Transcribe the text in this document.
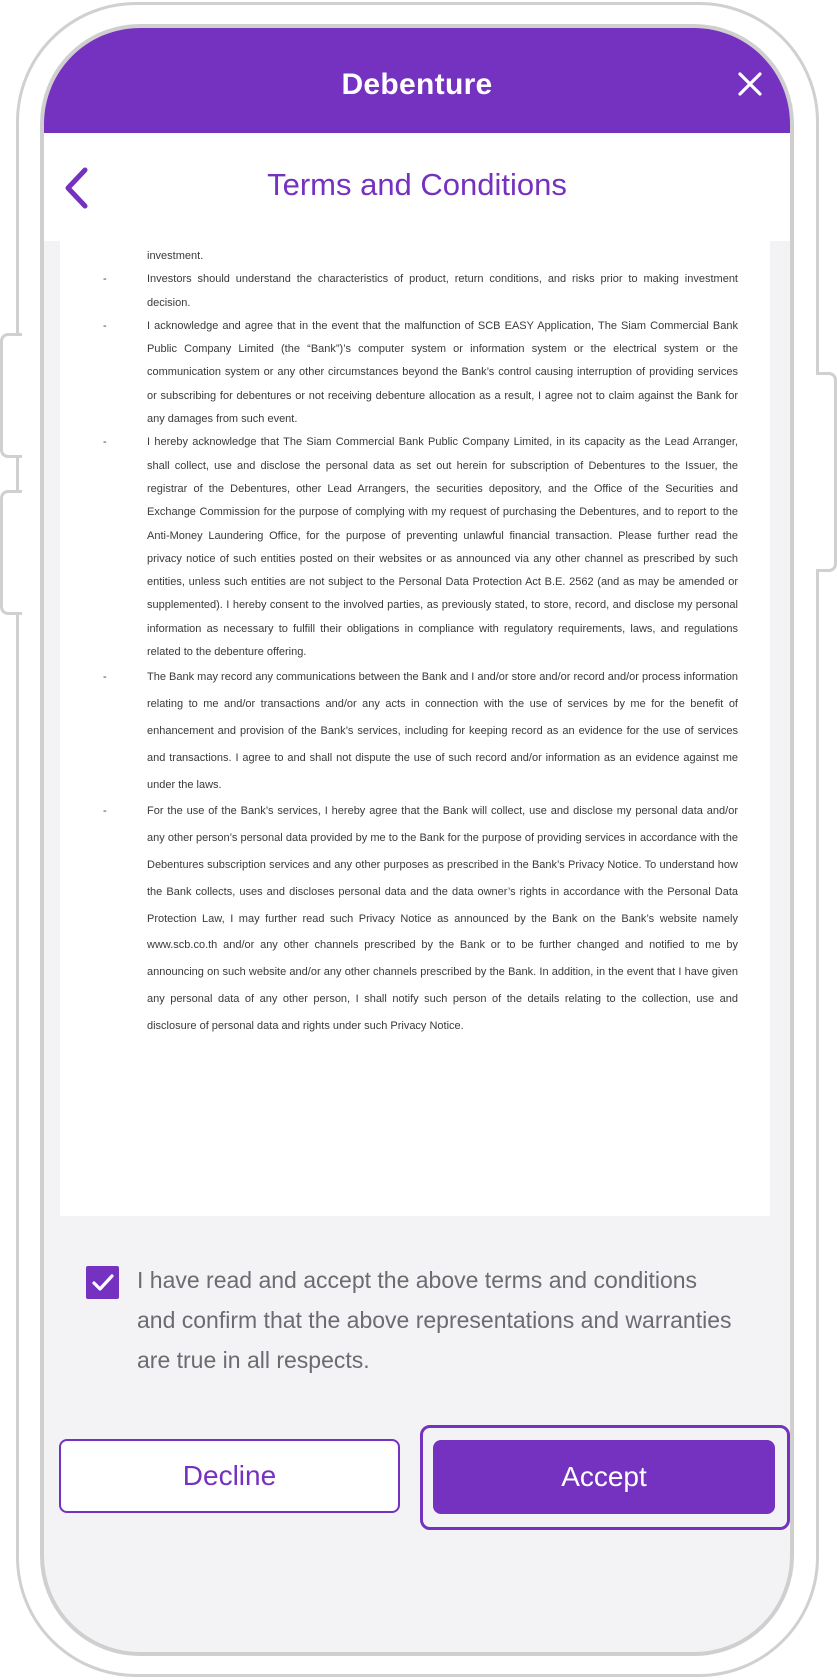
Debenture
Terms and Conditions

investment.

-	Investors should understand the characteristics of product, return conditions, and risks prior to making investment decision.

-	I acknowledge and agree that in the event that the malfunction of SCB EASY Application, The Siam Commercial Bank Public Company Limited (the “Bank”)’s computer system or information system or the electrical system or the communication system or any other circumstances beyond the Bank’s control causing interruption of providing services or subscribing for debentures or not receiving debenture allocation as a result, I agree not to claim against the Bank for any damages from such event.

-	I hereby acknowledge that The Siam Commercial Bank Public Company Limited, in its capacity as the Lead Arranger, shall collect, use and disclose the personal data as set out herein for subscription of Debentures to the Issuer, the registrar of the Debentures, other Lead Arrangers, the securities depository, and the Office of the Securities and Exchange Commission for the purpose of complying with my request of purchasing the Debentures, and to report to the Anti-Money Laundering Office, for the purpose of preventing unlawful financial transaction. Please further read the privacy notice of such entities posted on their websites or as announced via any other channel as prescribed by such entities, unless such entities are not subject to the Personal Data Protection Act B.E. 2562 (and as may be amended or supplemented). I hereby consent to the involved parties, as previously stated, to store, record, and disclose my personal information as necessary to fulfill their obligations in compliance with regulatory requirements, laws, and regulations related to the debenture offering.

-	The Bank may record any communications between the Bank and I and/or store and/or record and/or process information relating to me and/or transactions and/or any acts in connection with the use of services by me for the benefit of enhancement and provision of the Bank’s services, including for keeping record as an evidence for the use of services and transactions. I agree to and shall not dispute the use of such record and/or information as an evidence against me under the laws.

-	For the use of the Bank’s services, I hereby agree that the Bank will collect, use and disclose my personal data and/or any other person’s personal data provided by me to the Bank for the purpose of providing services in accordance with the Debentures subscription services and any other purposes as prescribed in the Bank’s Privacy Notice. To understand how the Bank collects, uses and discloses personal data and the data owner’s rights in accordance with the Personal Data Protection Law, I may further read such Privacy Notice as announced by the Bank on the Bank’s website namely www.scb.co.th and/or any other channels prescribed by the Bank or to be further changed and notified to me by announcing on such website and/or any other channels prescribed by the Bank. In addition, in the event that I have given any personal data of any other person, I shall notify such person of the details relating to the collection, use and disclosure of personal data and rights under such Privacy Notice.

I have read and accept the above terms and conditions and confirm that the above representations and warranties are true in all respects.
Decline	Accept
